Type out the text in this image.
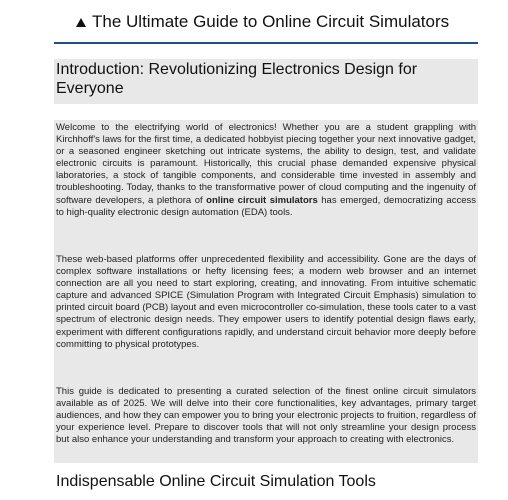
The Ultimate Guide to Online Circuit Simulators
Introduction: Revolutionizing Electronics Design for Everyone
Welcome to the electrifying world of electronics! Whether you are a student grappling with Kirchhoff's laws for the first time, a dedicated hobbyist piecing together your next innovative gadget, or a seasoned engineer sketching out intricate systems, the ability to design, test, and validate electronic circuits is paramount. Historically, this crucial phase demanded expensive physical laboratories, a stock of tangible components, and considerable time invested in assembly and troubleshooting. Today, thanks to the transformative power of cloud computing and the ingenuity of software developers, a plethora of online circuit simulators has emerged, democratizing access to high-quality electronic design automation (EDA) tools.
These web-based platforms offer unprecedented flexibility and accessibility. Gone are the days of complex software installations or hefty licensing fees; a modern web browser and an internet connection are all you need to start exploring, creating, and innovating. From intuitive schematic capture and advanced SPICE (Simulation Program with Integrated Circuit Emphasis) simulation to printed circuit board (PCB) layout and even microcontroller co-simulation, these tools cater to a vast spectrum of electronic design needs. They empower users to identify potential design flaws early, experiment with different configurations rapidly, and understand circuit behavior more deeply before committing to physical prototypes.
This guide is dedicated to presenting a curated selection of the finest online circuit simulators available as of 2025. We will delve into their core functionalities, key advantages, primary target audiences, and how they can empower you to bring your electronic projects to fruition, regardless of your experience level. Prepare to discover tools that will not only streamline your design process but also enhance your understanding and transform your approach to creating with electronics.
Indispensable Online Circuit Simulation Tools
